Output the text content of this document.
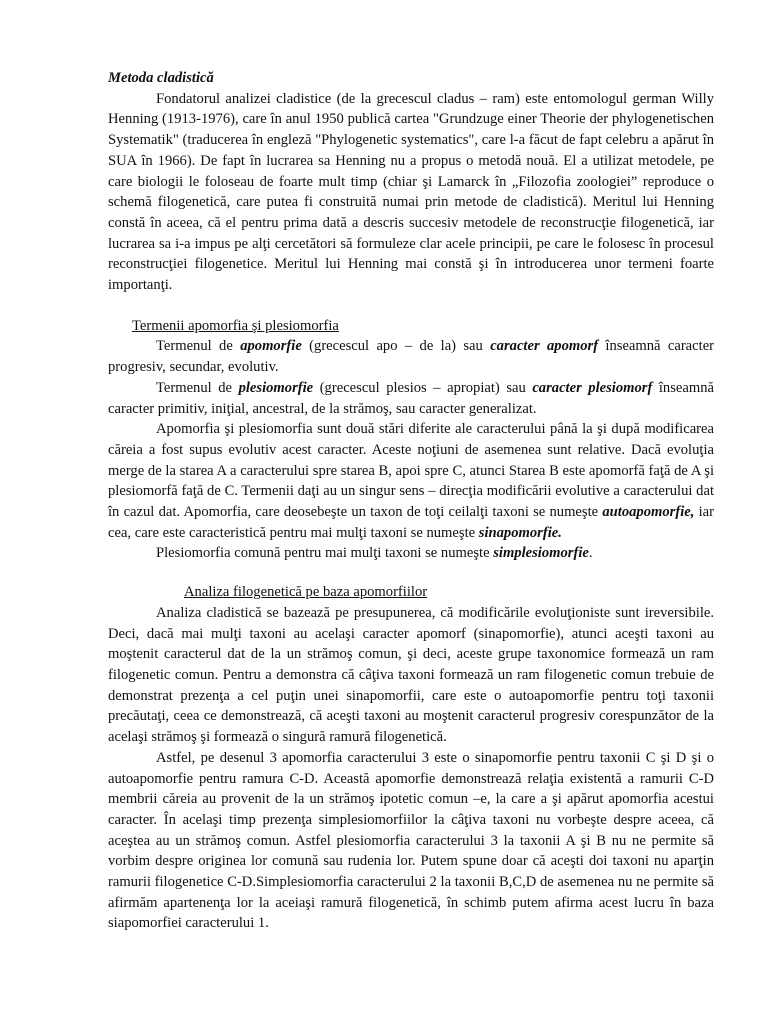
Metoda cladistică

Fondatorul analizei cladistice (de la grecescul cladus – ram) este entomologul german Willy Henning (1913-1976), care în anul 1950 publică cartea "Grundzuge einer Theorie der phylogenetischen Systematik" (traducerea în engleză "Phylogenetic systematics", care l-a făcut de fapt celebru a apărut în SUA în 1966). De fapt în lucrarea sa Henning nu a propus o metodă nouă. El a utilizat metodele, pe care biologii le foloseau de foarte mult timp (chiar şi Lamarck în „Filozofia zoologiei” reproduce o schemă filogenetică, care putea fi construită numai prin metode de cladistică). Meritul lui Henning constă în aceea, că el pentru prima dată a descris succesiv metodele de reconstrucţie filogenetică, iar lucrarea sa i-a impus pe alţi cercetători să formuleze clar acele principii, pe care le folosesc în procesul reconstrucţiei filogenetice. Meritul lui Henning mai constă şi în introducerea unor termeni foarte importanţi.

Termenii apomorfia şi plesiomorfia

Termenul de apomorfie (grecescul apo – de la) sau caracter apomorf înseamnă caracter progresiv, secundar, evolutiv.

Termenul de plesiomorfie (grecescul plesios – apropiat) sau caracter plesiomorf înseamnă caracter primitiv, iniţial, ancestral, de la strămoş, sau caracter generalizat.

Apomorfia şi plesiomorfia sunt două stări diferite ale caracterului până la şi după modificarea căreia a fost supus evolutiv acest caracter. Aceste noţiuni de asemenea sunt relative. Dacă evoluţia merge de la starea A a caracterului spre starea B, apoi spre C, atunci Starea B este apomorfă faţă de A şi plesiomorfă faţă de C. Termenii daţi au un singur sens – direcţia modificării evolutive a caracterului dat în cazul dat. Apomorfia, care deosebeşte un taxon de toţi ceilalţi taxoni se numeşte autoapomorfie, iar cea, care este caracteristică pentru mai mulţi taxoni se numeşte sinapomorfie.

Plesiomorfia comună pentru mai mulţi taxoni se numeşte simplesiomorfie.

Analiza filogenetică pe baza apomorfiilor

Analiza cladistică se bazează pe presupunerea, că modificările evoluţioniste sunt ireversibile. Deci, dacă mai mulţi taxoni au acelaşi caracter apomorf (sinapomorfie), atunci aceşti taxoni au moştenit caracterul dat de la un strămoş comun, şi deci, aceste grupe taxonomice formează un ram filogenetic comun. Pentru a demonstra că câţiva taxoni formează un ram filogenetic comun trebuie de demonstrat prezenţa a cel puţin unei sinapomorfii, care este o autoapomorfie pentru toţi taxonii precăutaţi, ceea ce demonstrează, că aceşti taxoni au moştenit caracterul progresiv corespunzător de la acelaşi strămoş şi formează o singură ramură filogenetică.

Astfel, pe desenul 3 apomorfia caracterului 3 este o sinapomorfie pentru taxonii C şi D şi o autoapomorfie pentru ramura C-D. Această apomorfie demonstrează relaţia existentă a ramurii C-D membrii căreia au provenit de la un strămoş ipotetic comun –e, la care a şi apărut apomorfia acestui caracter. În acelaşi timp prezenţa simplesiomorfiilor la câţiva taxoni nu vorbeşte despre aceea, că aceştea au un strămoş comun. Astfel plesiomorfia caracterului 3 la taxonii A şi B nu ne permite să vorbim despre originea lor comună sau rudenia lor. Putem spune doar că aceşti doi taxoni nu aparţin ramurii filogenetice C-D.Simplesiomorfia caracterului 2 la taxonii B,C,D de asemenea nu ne permite să afirmăm apartenenţa lor la aceiaşi ramură filogenetică, în schimb putem afirma acest lucru în baza siapomorfiei caracterului 1.
